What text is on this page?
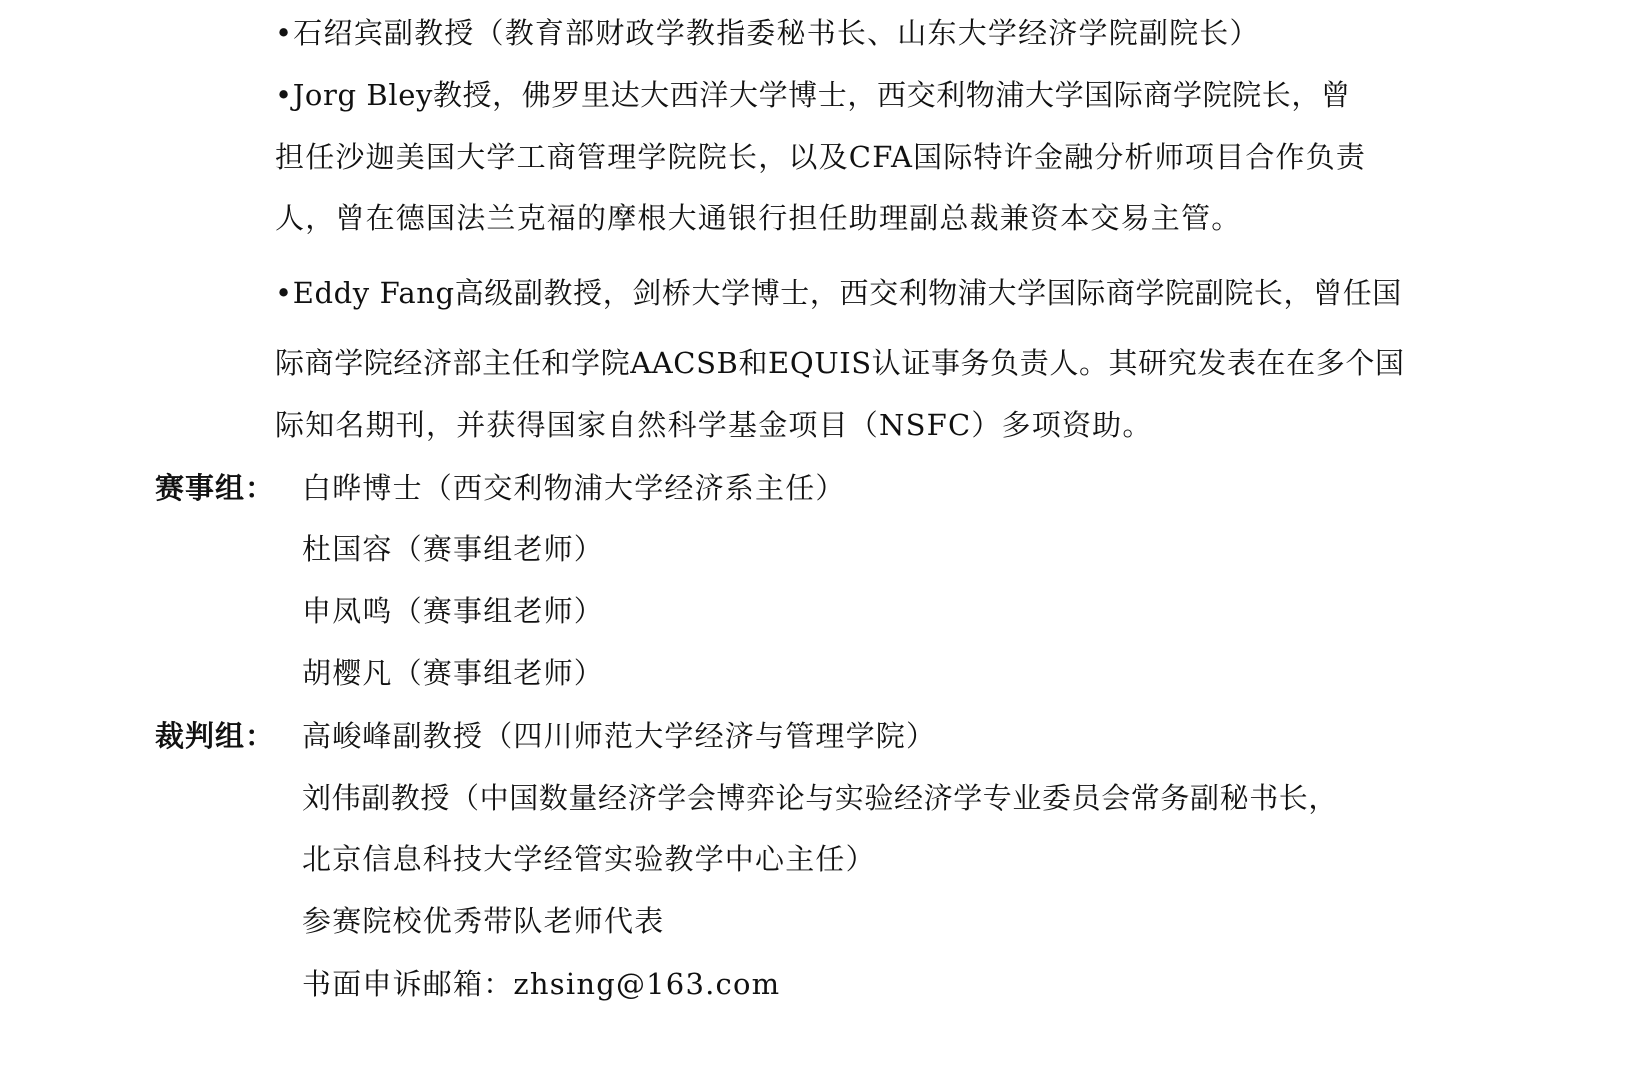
•石绍宾副教授（教育部财政学教指委秘书长、山东大学经济学院副院长）
•Jorg Bley教授，佛罗里达大西洋大学博士，西交利物浦大学国际商学院院长，曾
担任沙迦美国大学工商管理学院院长，以及CFA国际特许金融分析师项目合作负责
人，曾在德国法兰克福的摩根大通银行担任助理副总裁兼资本交易主管。
•Eddy Fang高级副教授，剑桥大学博士，西交利物浦大学国际商学院副院长，曾任国
际商学院经济部主任和学院AACSB和EQUIS认证事务负责人。其研究发表在在多个国
际知名期刊，并获得国家自然科学基金项目（NSFC）多项资助。
赛事组： 白晔博士（西交利物浦大学经济系主任）
杜国容（赛事组老师）
申凤鸣（赛事组老师）
胡樱凡（赛事组老师）
裁判组： 高峻峰副教授（四川师范大学经济与管理学院）
刘伟副教授（中国数量经济学会博弈论与实验经济学专业委员会常务副秘书长，
北京信息科技大学经管实验教学中心主任）
参赛院校优秀带队老师代表
书面申诉邮箱：zhsing@163.com
